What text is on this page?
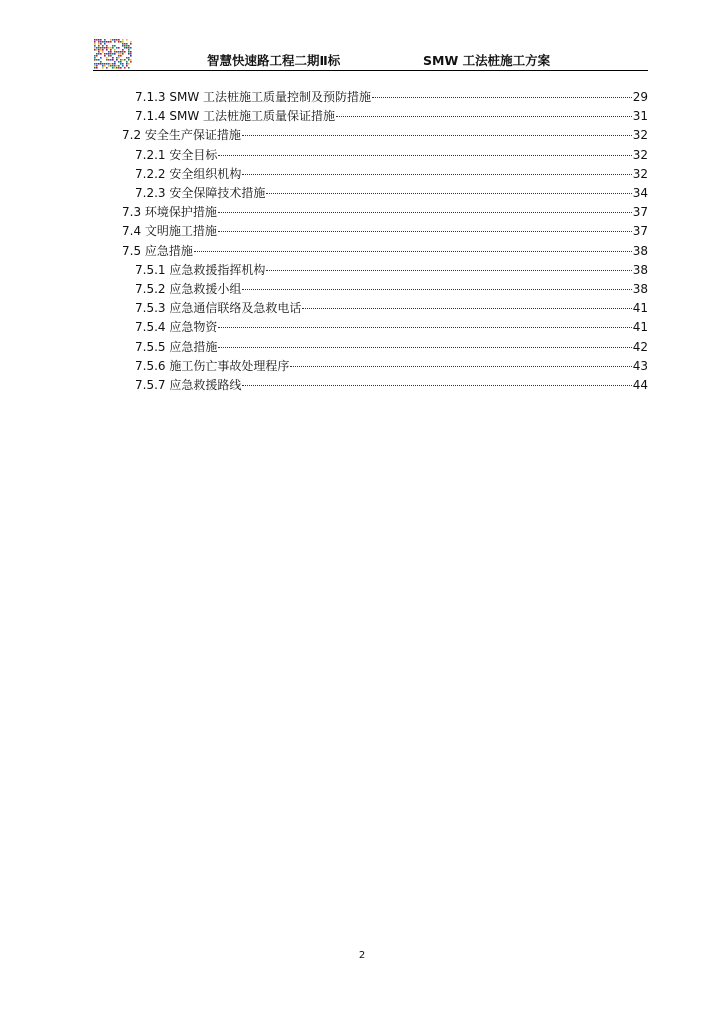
智慧快速路工程二期Ⅱ标	SMW 工法桩施工方案
7.1.3 SMW 工法桩施工质量控制及预防措施	29
7.1.4 SMW 工法桩施工质量保证措施	31
7.2 安全生产保证措施	32
7.2.1 安全目标	32
7.2.2 安全组织机构	32
7.2.3 安全保障技术措施	34
7.3 环境保护措施	37
7.4 文明施工措施	37
7.5 应急措施	38
7.5.1 应急救援指挥机构	38
7.5.2 应急救援小组	38
7.5.3 应急通信联络及急救电话	41
7.5.4 应急物资	41
7.5.5 应急措施	42
7.5.6 施工伤亡事故处理程序	43
7.5.7 应急救援路线	44
2
